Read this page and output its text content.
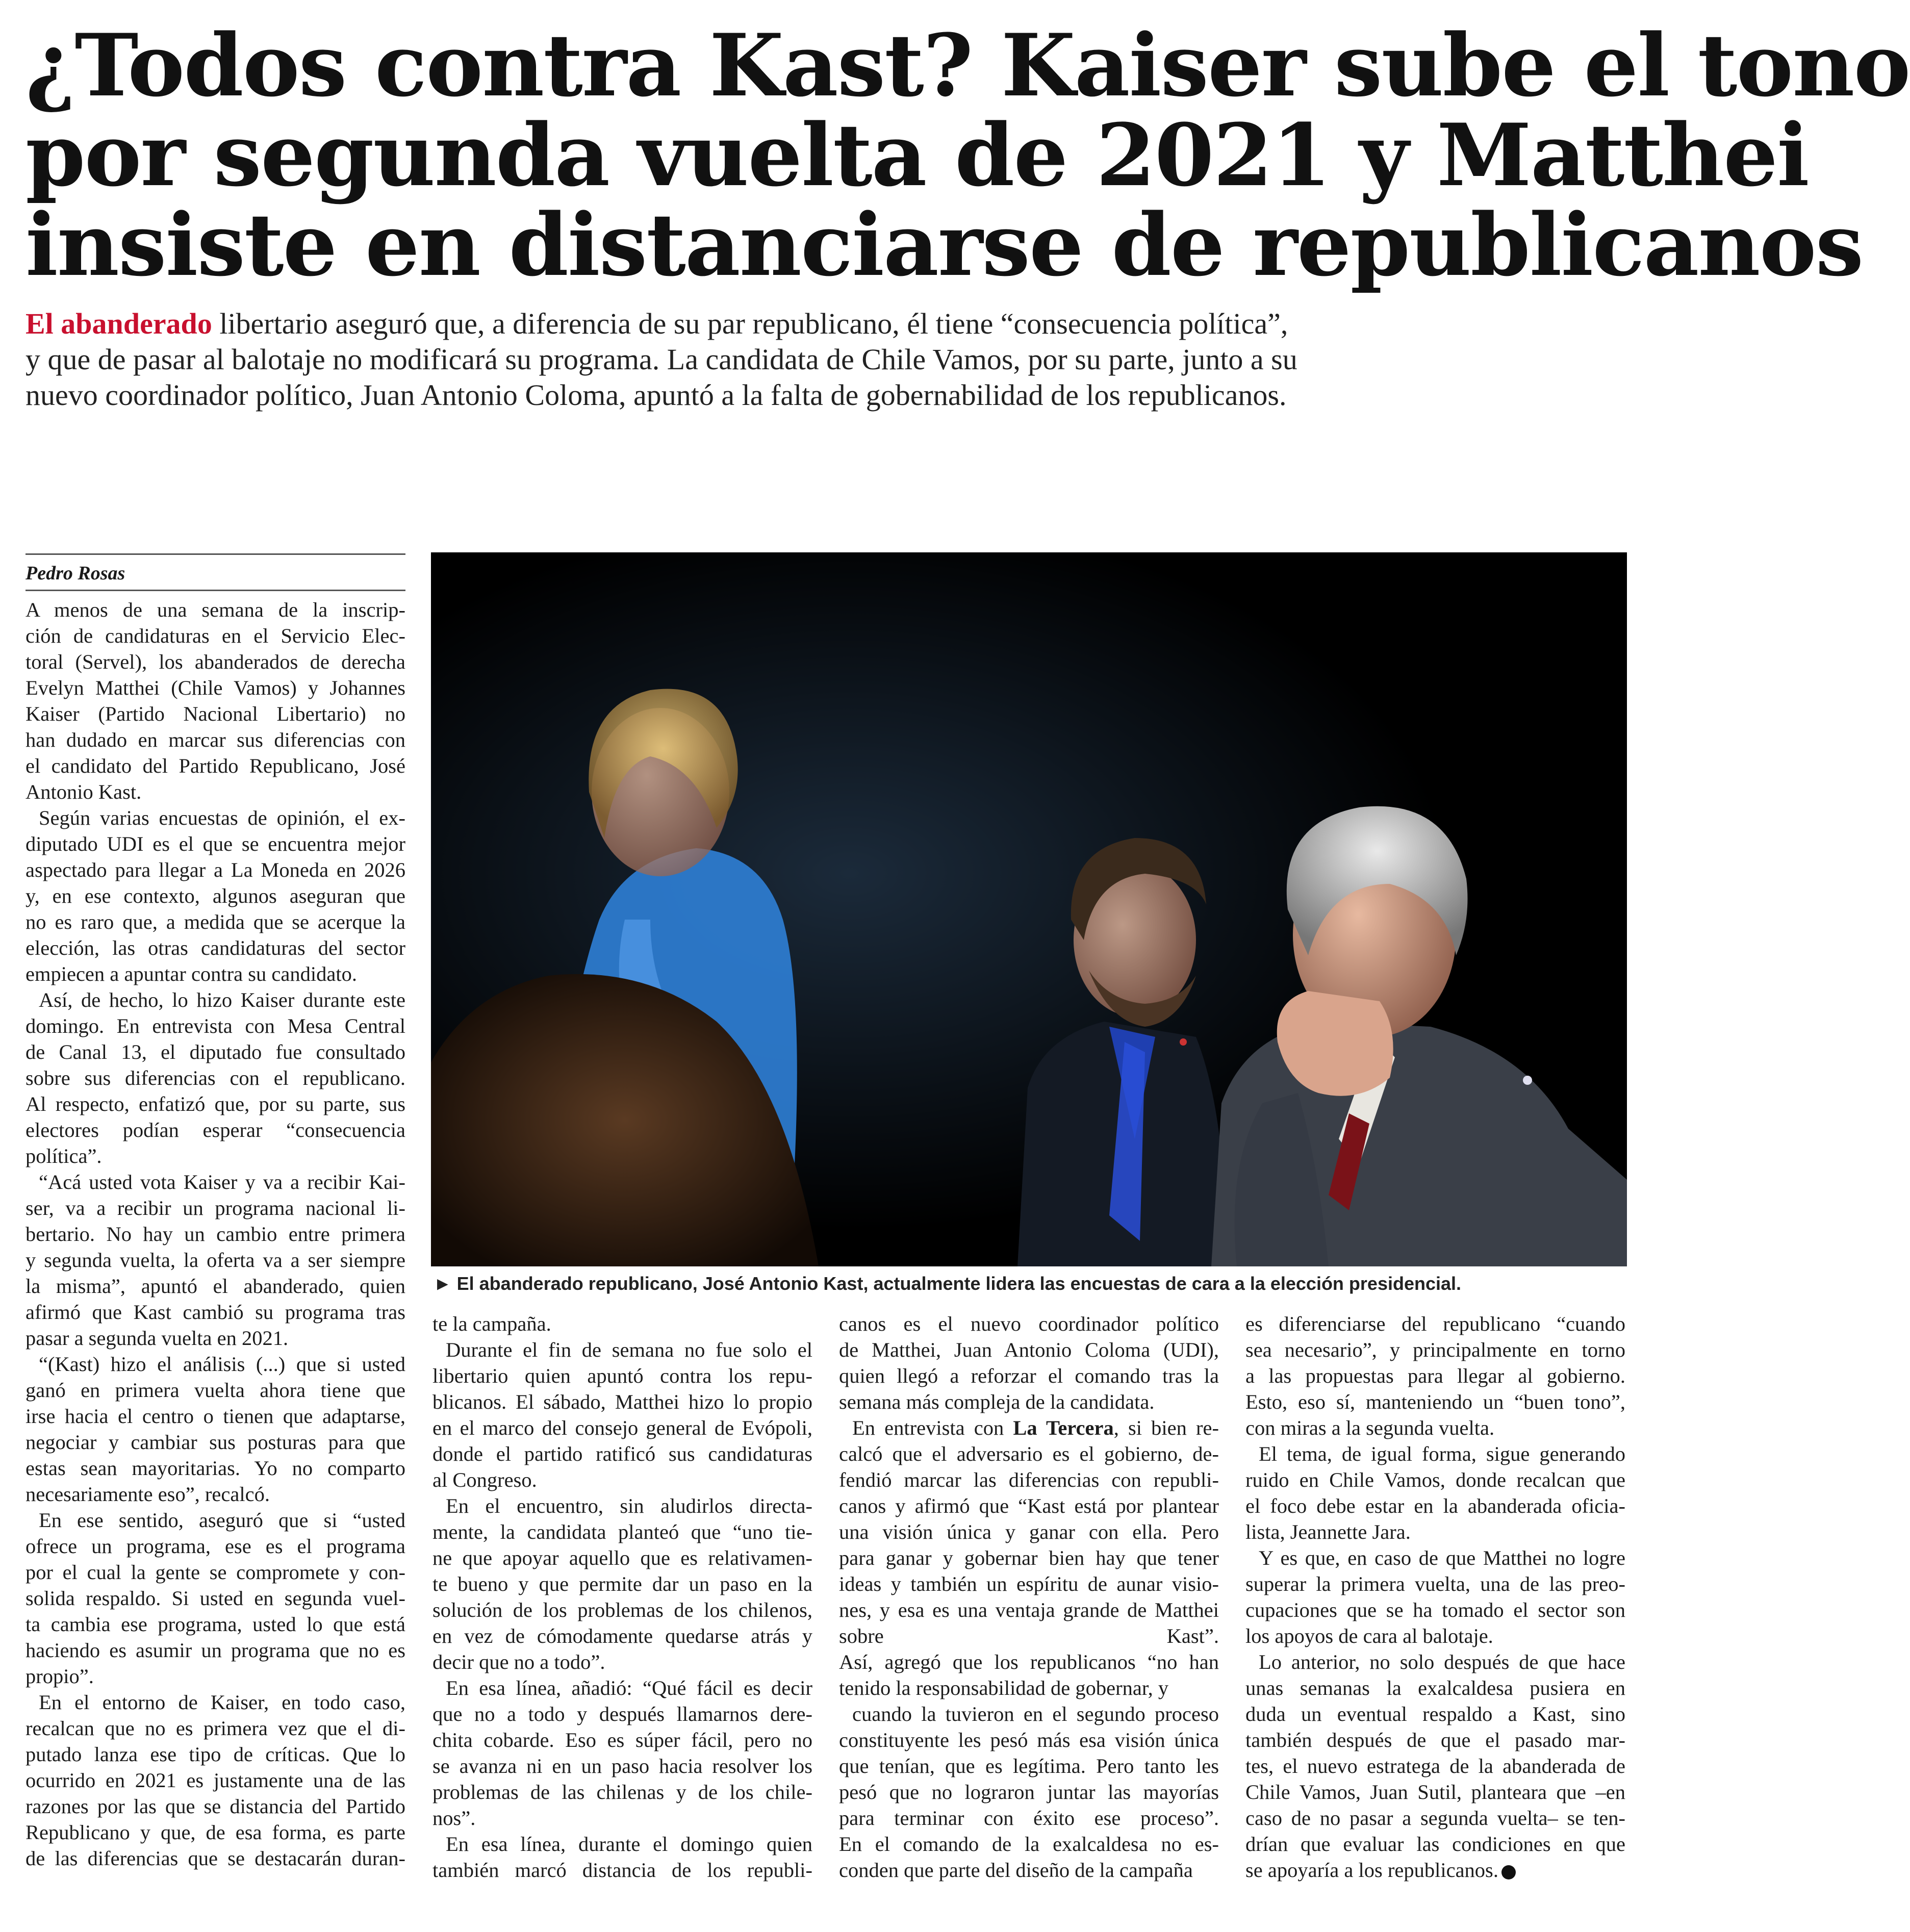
¿Todos contra Kast? Kaiser sube el tono
por segunda vuelta de 2021 y Matthei
insiste en distanciarse de republicanos
El abanderado libertario aseguró que, a diferencia de su par republicano, él tiene “consecuencia política”,
y que de pasar al balotaje no modificará su programa. La candidata de Chile Vamos, por su parte, junto a su
nuevo coordinador político, Juan Antonio Coloma, apuntó a la falta de gobernabilidad de los republicanos.
Pedro Rosas
A menos de una semana de la inscrip-
ción de candidaturas en el Servicio Elec-
toral (Servel), los abanderados de derecha
Evelyn Matthei (Chile Vamos) y Johannes
Kaiser (Partido Nacional Libertario) no
han dudado en marcar sus diferencias con
el candidato del Partido Republicano, José
Antonio Kast.
Según varias encuestas de opinión, el ex-
diputado UDI es el que se encuentra mejor
aspectado para llegar a La Moneda en 2026
y, en ese contexto, algunos aseguran que
no es raro que, a medida que se acerque la
elección, las otras candidaturas del sector
empiecen a apuntar contra su candidato.
Así, de hecho, lo hizo Kaiser durante este
domingo. En entrevista con Mesa Central
de Canal 13, el diputado fue consultado
sobre sus diferencias con el republicano.
Al respecto, enfatizó que, por su parte, sus
electores podían esperar “consecuencia
política”.
“Acá usted vota Kaiser y va a recibir Kai-
ser, va a recibir un programa nacional li-
bertario. No hay un cambio entre primera
y segunda vuelta, la oferta va a ser siempre
la misma”, apuntó el abanderado, quien
afirmó que Kast cambió su programa tras
pasar a segunda vuelta en 2021.
“(Kast) hizo el análisis (...) que si usted
ganó en primera vuelta ahora tiene que
irse hacia el centro o tienen que adaptarse,
negociar y cambiar sus posturas para que
estas sean mayoritarias. Yo no comparto
necesariamente eso”, recalcó.
En ese sentido, aseguró que si “usted
ofrece un programa, ese es el programa
por el cual la gente se compromete y con-
solida respaldo. Si usted en segunda vuel-
ta cambia ese programa, usted lo que está
haciendo es asumir un programa que no es
propio”.
En el entorno de Kaiser, en todo caso,
recalcan que no es primera vez que el di-
putado lanza ese tipo de críticas. Que lo
ocurrido en 2021 es justamente una de las
razones por las que se distancia del Partido
Republicano y que, de esa forma, es parte
de las diferencias que se destacarán duran-
► El abanderado republicano, José Antonio Kast, actualmente lidera las encuestas de cara a la elección presidencial.
te la campaña.
Durante el fin de semana no fue solo el
libertario quien apuntó contra los repu-
blicanos. El sábado, Matthei hizo lo propio
en el marco del consejo general de Evópoli,
donde el partido ratificó sus candidaturas
al Congreso.
En el encuentro, sin aludirlos directa-
mente, la candidata planteó que “uno tie-
ne que apoyar aquello que es relativamen-
te bueno y que permite dar un paso en la
solución de los problemas de los chilenos,
en vez de cómodamente quedarse atrás y
decir que no a todo”.
En esa línea, añadió: “Qué fácil es decir
que no a todo y después llamarnos dere-
chita cobarde. Eso es súper fácil, pero no
se avanza ni en un paso hacia resolver los
problemas de las chilenas y de los chile-
nos”.
En esa línea, durante el domingo quien
también marcó distancia de los republi-
canos es el nuevo coordinador político
de Matthei, Juan Antonio Coloma (UDI),
quien llegó a reforzar el comando tras la
semana más compleja de la candidata.
En entrevista con La Tercera, si bien re-
calcó que el adversario es el gobierno, de-
fendió marcar las diferencias con republi-
canos y afirmó que “Kast está por plantear
una visión única y ganar con ella. Pero
para ganar y gobernar bien hay que tener
ideas y también un espíritu de aunar visio-
nes, y esa es una ventaja grande de Matthei
sobre Kast”.
Así, agregó que los republicanos “no han
tenido la responsabilidad de gobernar, y
cuando la tuvieron en el segundo proceso
constituyente les pesó más esa visión única
que tenían, que es legítima. Pero tanto les
pesó que no lograron juntar las mayorías
para terminar con éxito ese proceso”.
En el comando de la exalcaldesa no es-
conden que parte del diseño de la campaña
es diferenciarse del republicano “cuando
sea necesario”, y principalmente en torno
a las propuestas para llegar al gobierno.
Esto, eso sí, manteniendo un “buen tono”,
con miras a la segunda vuelta.
El tema, de igual forma, sigue generando
ruido en Chile Vamos, donde recalcan que
el foco debe estar en la abanderada oficia-
lista, Jeannette Jara.
Y es que, en caso de que Matthei no logre
superar la primera vuelta, una de las preo-
cupaciones que se ha tomado el sector son
los apoyos de cara al balotaje.
Lo anterior, no solo después de que hace
unas semanas la exalcaldesa pusiera en
duda un eventual respaldo a Kast, sino
también después de que el pasado mar-
tes, el nuevo estratega de la abanderada de
Chile Vamos, Juan Sutil, planteara que –en
caso de no pasar a segunda vuelta– se ten-
drían que evaluar las condiciones en que
se apoyaría a los republicanos.
